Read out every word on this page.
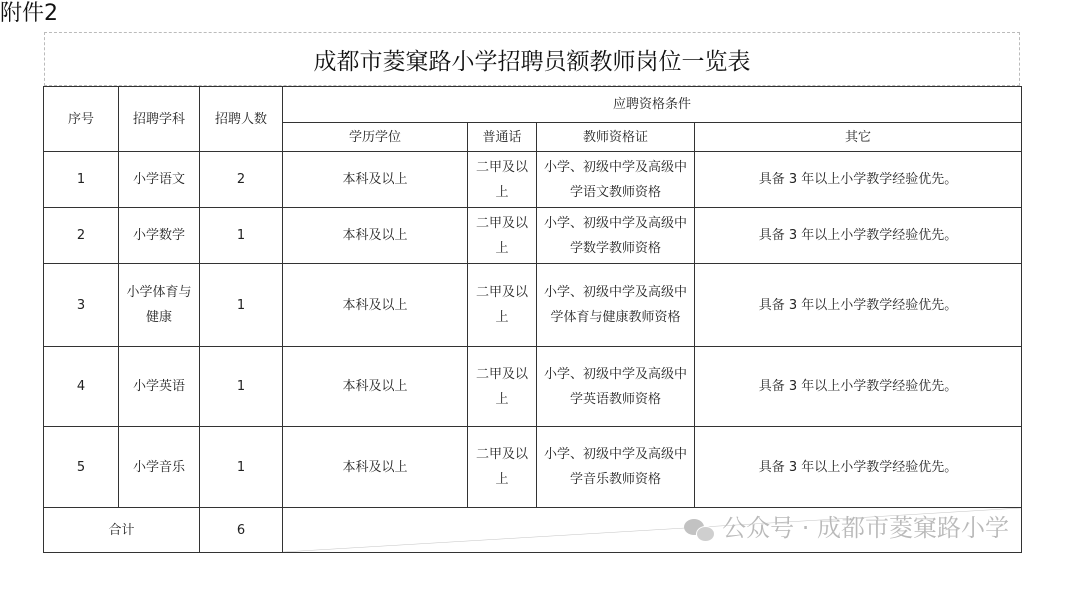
附件2
成都市菱窠路小学招聘员额教师岗位一览表
序号	招聘学科	招聘人数	应聘资格条件			
			学历学位	普通话	教师资格证	其它
1	小学语文	2	本科及以上	二甲及以上	小学、初级中学及高级中学语文教师资格	具备 3 年以上小学教学经验优先。
2	小学数学	1	本科及以上	二甲及以上	小学、初级中学及高级中学数学教师资格	具备 3 年以上小学教学经验优先。
3	小学体育与健康	1	本科及以上	二甲及以上	小学、初级中学及高级中学体育与健康教师资格	具备 3 年以上小学教学经验优先。
4	小学英语	1	本科及以上	二甲及以上	小学、初级中学及高级中学英语教师资格	具备 3 年以上小学教学经验优先。
5	小学音乐	1	本科及以上	二甲及以上	小学、初级中学及高级中学音乐教师资格	具备 3 年以上小学教学经验优先。
合计		6	公众号 · 成都市菱窠路小学			
